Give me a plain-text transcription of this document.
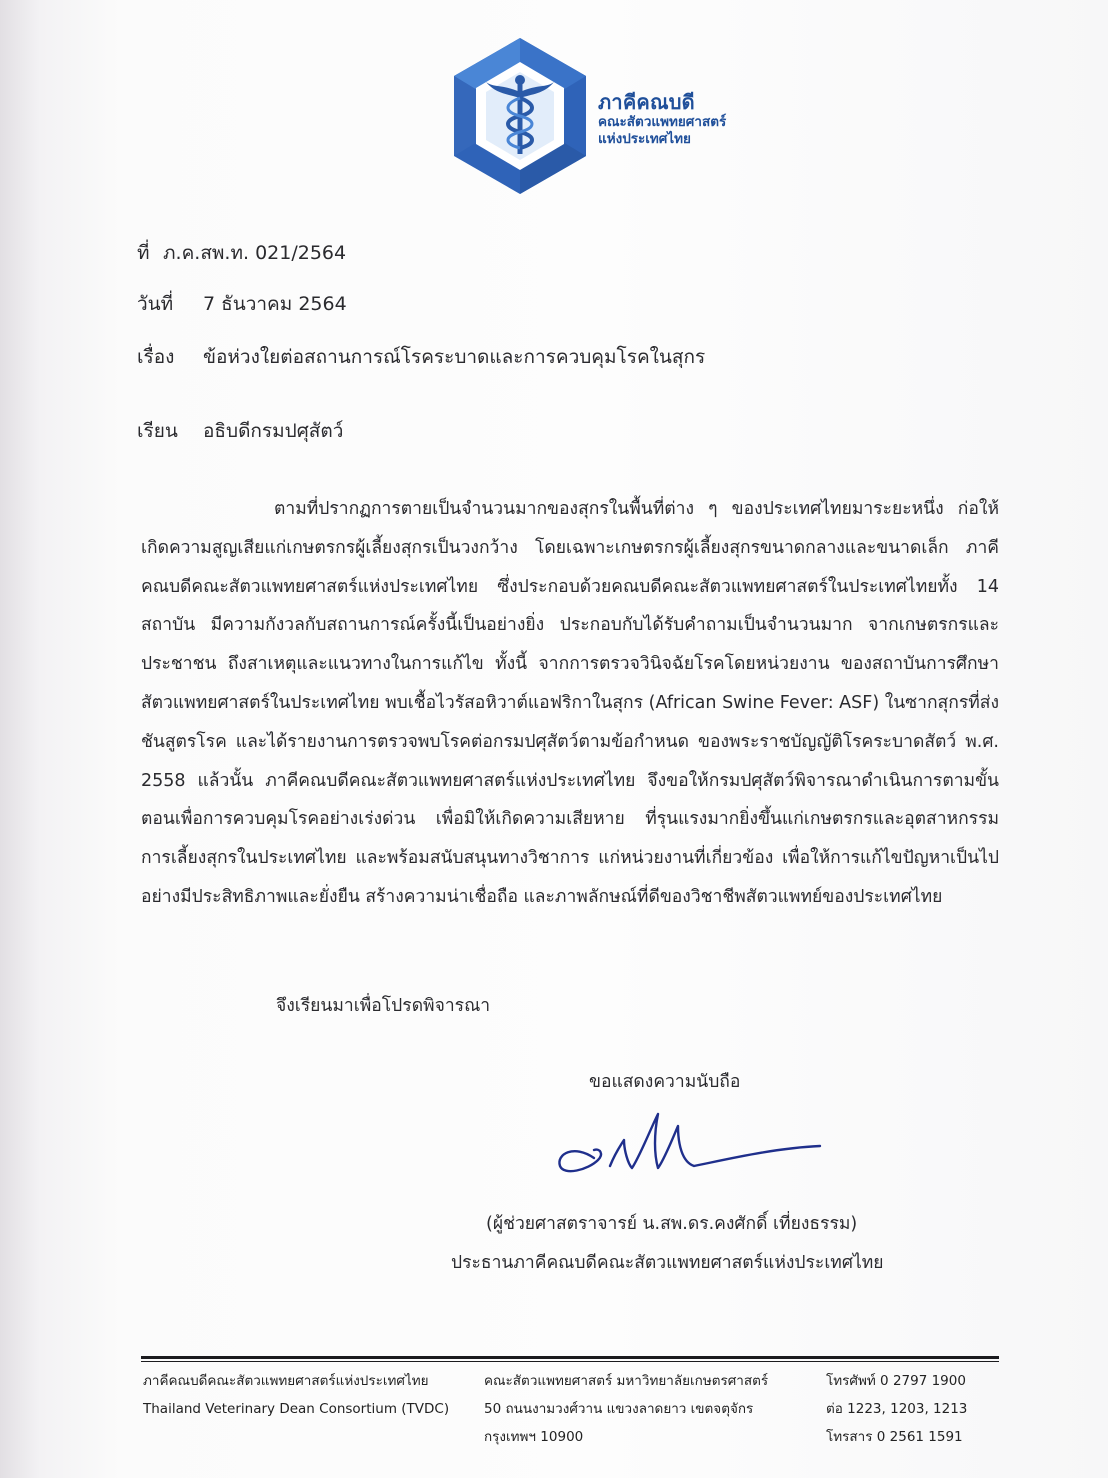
ภาคีคณบดี
คณะสัตวแพทยศาสตร์
แห่งประเทศไทย
ที่ ภ.ค.สพ.ท. 021/2564
วันที่ 7 ธันวาคม 2564
เรื่อง ข้อห่วงใยต่อสถานการณ์โรคระบาดและการควบคุมโรคในสุกร
เรียน อธิบดีกรมปศุสัตว์
ตามที่ปรากฏการตายเป็นจำนวนมากของสุกรในพื้นที่ต่าง ๆ ของประเทศไทยมาระยะหนึ่ง ก่อให้เกิดความสูญเสียแก่เกษตรกรผู้เลี้ยงสุกรเป็นวงกว้าง โดยเฉพาะเกษตรกรผู้เลี้ยงสุกรขนาดกลางและขนาดเล็ก ภาคีคณบดีคณะสัตวแพทยศาสตร์แห่งประเทศไทย ซึ่งประกอบด้วยคณบดีคณะสัตวแพทยศาสตร์ในประเทศไทยทั้ง 14 สถาบัน มีความกังวลกับสถานการณ์ครั้งนี้เป็นอย่างยิ่ง ประกอบกับได้รับคำถามเป็นจำนวนมาก จากเกษตรกรและประชาชน ถึงสาเหตุและแนวทางในการแก้ไข ทั้งนี้ จากการตรวจวินิจฉัยโรคโดยหน่วยงาน ของสถาบันการศึกษาสัตวแพทยศาสตร์ในประเทศไทย พบเชื้อไวรัสอหิวาต์แอฟริกาในสุกร (African Swine Fever: ASF) ในซากสุกรที่ส่งชันสูตรโรค และได้รายงานการตรวจพบโรคต่อกรมปศุสัตว์ตามข้อกำหนด ของพระราชบัญญัติโรคระบาดสัตว์ พ.ศ. 2558 แล้วนั้น ภาคีคณบดีคณะสัตวแพทยศาสตร์แห่งประเทศไทย จึงขอให้กรมปศุสัตว์พิจารณาดำเนินการตามขั้นตอนเพื่อการควบคุมโรคอย่างเร่งด่วน เพื่อมิให้เกิดความเสียหาย ที่รุนแรงมากยิ่งขึ้นแก่เกษตรกรและอุตสาหกรรมการเลี้ยงสุกรในประเทศไทย และพร้อมสนับสนุนทางวิชาการ แก่หน่วยงานที่เกี่ยวข้อง เพื่อให้การแก้ไขปัญหาเป็นไปอย่างมีประสิทธิภาพและยั่งยืน สร้างความน่าเชื่อถือ และภาพลักษณ์ที่ดีของวิชาชีพสัตวแพทย์ของประเทศไทย
จึงเรียนมาเพื่อโปรดพิจารณา
ขอแสดงความนับถือ
(ผู้ช่วยศาสตราจารย์ น.สพ.ดร.คงศักดิ์ เที่ยงธรรม)
ประธานภาคีคณบดีคณะสัตวแพทยศาสตร์แห่งประเทศไทย
ภาคีคณบดีคณะสัตวแพทยศาสตร์แห่งประเทศไทย
Thailand Veterinary Dean Consortium (TVDC)
คณะสัตวแพทยศาสตร์ มหาวิทยาลัยเกษตรศาสตร์
50 ถนนงามวงศ์วาน แขวงลาดยาว เขตจตุจักร
กรุงเทพฯ 10900
โทรศัพท์ 0 2797 1900
ต่อ 1223, 1203, 1213
โทรสาร 0 2561 1591
